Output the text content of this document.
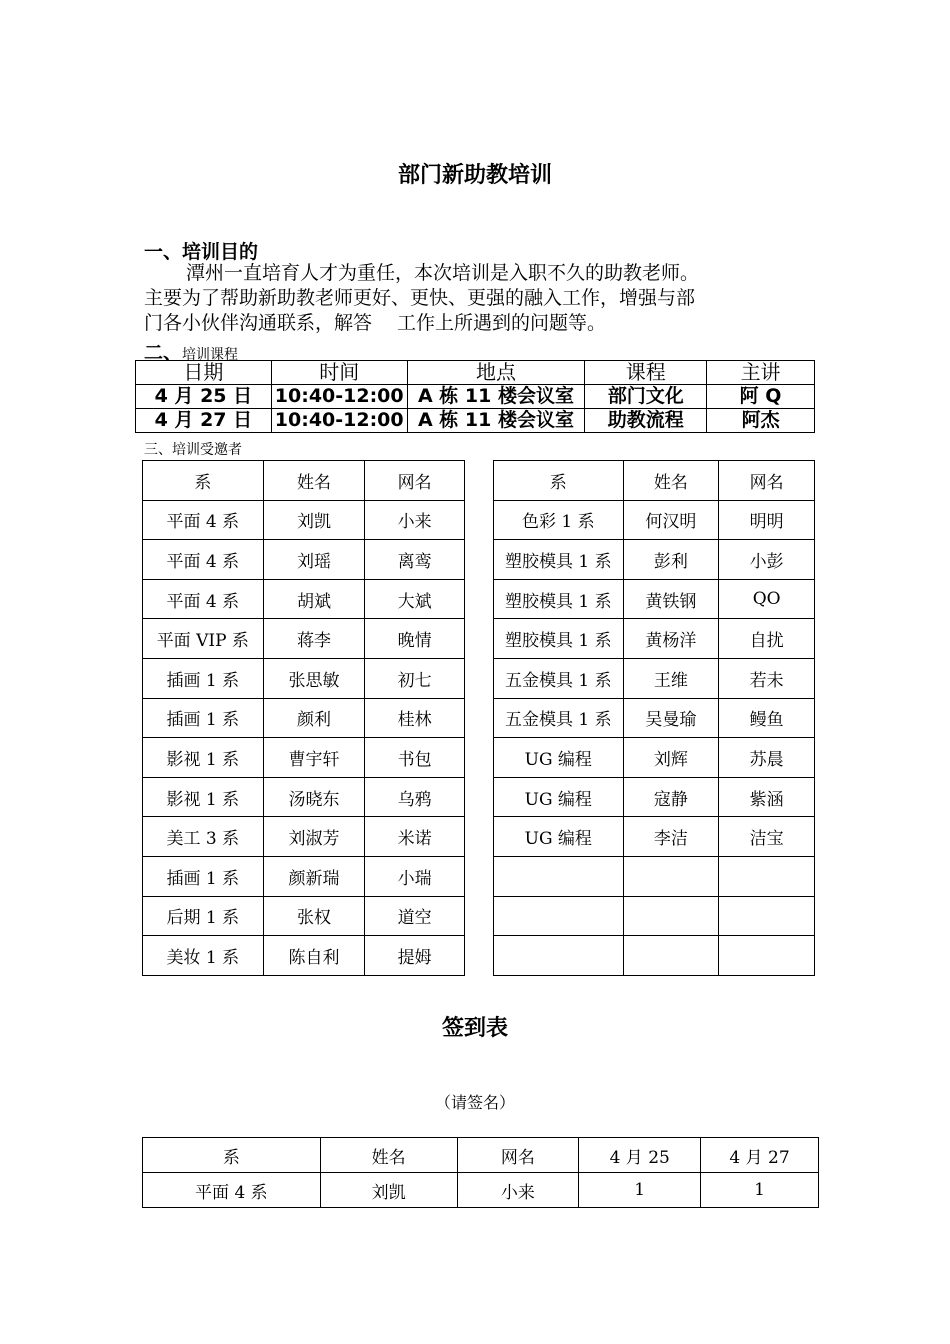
部门新助教培训
一、培训目的
潭州一直培育人才为重任，本次培训是入职不久的助教老师。
主要为了帮助新助教老师更好、更快、更强的融入工作，增强与部
门各小伙伴沟通联系，解答　 工作上所遇到的问题等。
二、培训课程
日期	时间	地点	课程	主讲
4 月 25 日	10:40-12:00	A 栋 11 楼会议室	部门文化	阿 Q
4 月 27 日	10:40-12:00	A 栋 11 楼会议室	助教流程	阿杰
三、培训受邀者
系	姓名	网名
平面 4 系	刘凯	小来
平面 4 系	刘瑶	离鸾
平面 4 系	胡斌	大斌
平面 VIP 系	蒋李	晚情
插画 1 系	张思敏	初七
插画 1 系	颜利	桂林
影视 1 系	曹宇轩	书包
影视 1 系	汤晓东	乌鸦
美工 3 系	刘淑芳	米诺
插画 1 系	颜新瑞	小瑞
后期 1 系	张权	道空
美妆 1 系	陈自利	提姆
系	姓名	网名
色彩 1 系	何汉明	明明
塑胶模具 1 系	彭利	小彭
塑胶模具 1 系	黄铁钢	QO
塑胶模具 1 系	黄杨洋	自扰
五金模具 1 系	王维	若未
五金模具 1 系	吴曼瑜	鳗鱼
UG 编程	刘辉	苏晨
UG 编程	寇静	紫涵
UG 编程	李洁	洁宝

签到表
（请签名）
系	姓名	网名	4 月 25	4 月 27
平面 4 系	刘凯	小来	1	1
